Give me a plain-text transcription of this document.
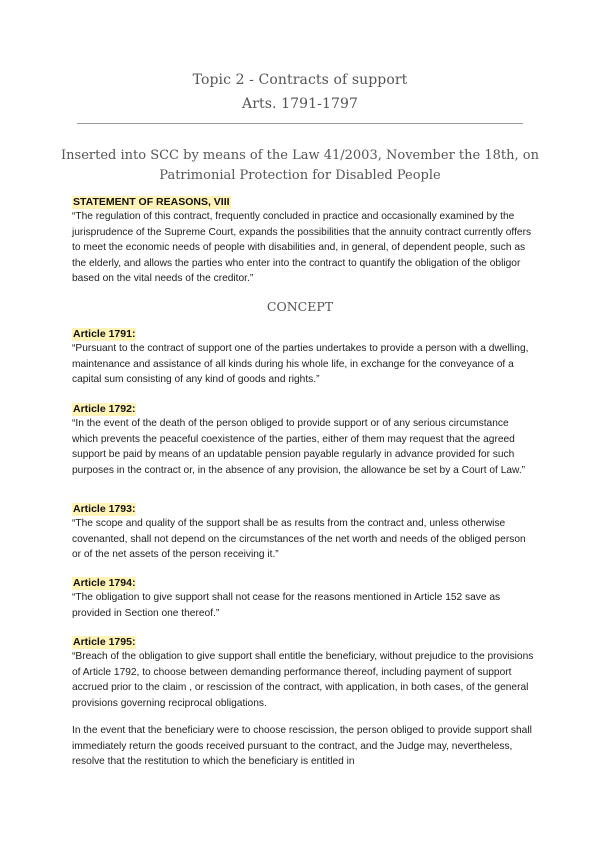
Topic 2 - Contracts of support
Arts. 1791-1797
Inserted into SCC by means of the Law 41/2003, November the 18th, on
Patrimonial Protection for Disabled People
STATEMENT OF REASONS, VIII

“The regulation of this contract, frequently concluded in practice and occasionally examined by the jurisprudence of the Supreme Court, expands the possibilities that the annuity contract currently offers to meet the economic needs of people with disabilities and, in general, of dependent people, such as the elderly, and allows the parties who enter into the contract to quantify the obligation of the obligor based on the vital needs of the creditor.”

CONCEPT
Article 1791:

“Pursuant to the contract of support one of the parties undertakes to provide a person with a dwelling, maintenance and assistance of all kinds during his whole life, in exchange for the conveyance of a capital sum consisting of any kind of goods and rights.”

Article 1792:

“In the event of the death of the person obliged to provide support or of any serious circumstance which prevents the peaceful coexistence of the parties, either of them may request that the agreed support be paid by means of an updatable pension payable regularly in advance provided for such purposes in the contract or, in the absence of any provision, the allowance be set by a Court of Law.”

Article 1793:

“The scope and quality of the support shall be as results from the contract and, unless otherwise covenanted, shall not depend on the circumstances of the net worth and needs of the obliged person or of the net assets of the person receiving it.”

Article 1794:

“The obligation to give support shall not cease for the reasons mentioned in Article 152 save as provided in Section one thereof.”

Article 1795:

“Breach of the obligation to give support shall entitle the beneficiary, without prejudice to the provisions of Article 1792, to choose between demanding performance thereof, including payment of support accrued prior to the claim , or rescission of the contract, with application, in both cases, of the general provisions governing reciprocal obligations.

In the event that the beneficiary were to choose rescission, the person obliged to provide support shall immediately return the goods received pursuant to the contract, and the Judge may, nevertheless, resolve that the restitution to which the beneficiary is entitled in
